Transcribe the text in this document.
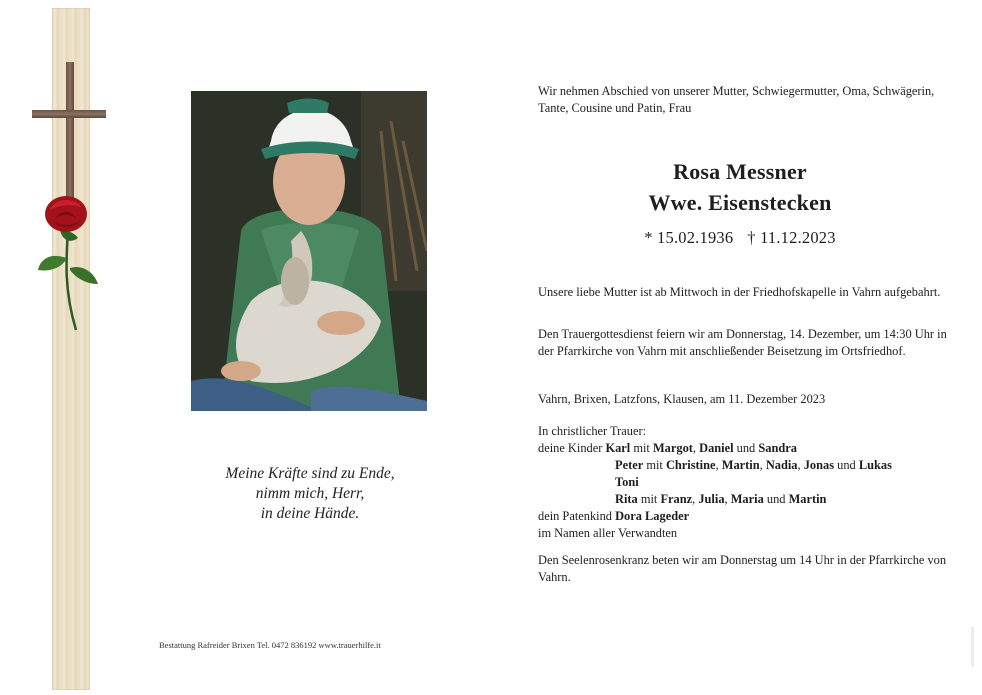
Meine Kräfte sind zu Ende,
nimm mich, Herr,
in deine Hände.
Bestattung Rafreider Brixen Tel. 0472 836192 www.trauerhilfe.it
Wir nehmen Abschied von unserer Mutter, Schwiegermutter, Oma, Schwägerin, Tante, Cousine und Patin, Frau
Rosa Messner
Wwe. Eisenstecken
* 15.02.1936 † 11.12.2023
Unsere liebe Mutter ist ab Mittwoch in der Friedhofskapelle in Vahrn aufgebahrt.
Den Trauergottesdienst feiern wir am Donnerstag, 14. Dezember, um 14:30 Uhr in der Pfarrkirche von Vahrn mit anschließender Beisetzung im Ortsfriedhof.
Vahrn, Brixen, Latzfons, Klausen, am 11. Dezember 2023
In christlicher Trauer:
deine Kinder Karl mit Margot, Daniel und Sandra
Peter mit Christine, Martin, Nadia, Jonas und Lukas
Toni
Rita mit Franz, Julia, Maria und Martin
dein Patenkind Dora Lageder
im Namen aller Verwandten
Den Seelenrosenkranz beten wir am Donnerstag um 14 Uhr in der Pfarrkirche von Vahrn.
